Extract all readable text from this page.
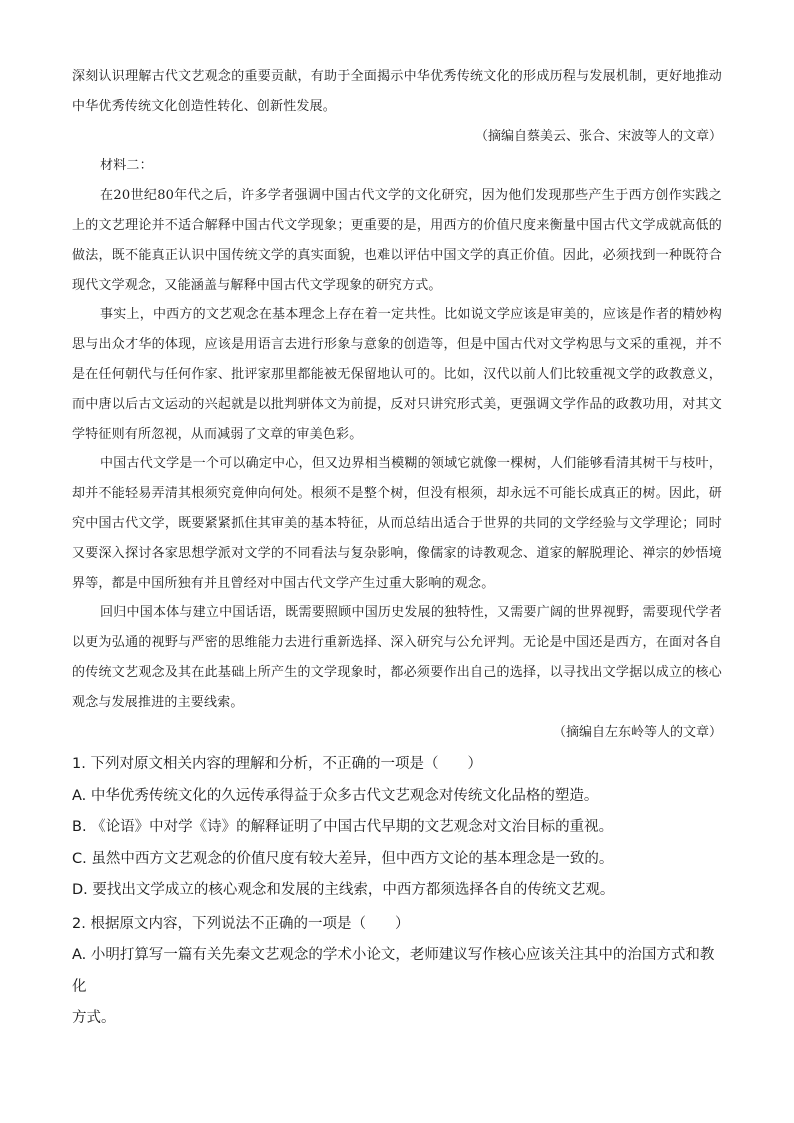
深刻认识理解古代文艺观念的重要贡献，有助于全面揭示中华优秀传统文化的形成历程与发展机制，更好地推动中华优秀传统文化创造性转化、创新性发展。

（摘编自蔡美云、张合、宋波等人的文章）

材料二：

在20世纪80年代之后，许多学者强调中国古代文学的文化研究，因为他们发现那些产生于西方创作实践之上的文艺理论并不适合解释中国古代文学现象；更重要的是，用西方的价值尺度来衡量中国古代文学成就高低的做法，既不能真正认识中国传统文学的真实面貌，也难以评估中国文学的真正价值。因此，必须找到一种既符合现代文学观念，又能涵盖与解释中国古代文学现象的研究方式。

事实上，中西方的文艺观念在基本理念上存在着一定共性。比如说文学应该是审美的，应该是作者的精妙构思与出众才华的体现，应该是用语言去进行形象与意象的创造等，但是中国古代对文学构思与文采的重视，并不是在任何朝代与任何作家、批评家那里都能被无保留地认可的。比如，汉代以前人们比较重视文学的政教意义，而中唐以后古文运动的兴起就是以批判骈体文为前提，反对只讲究形式美，更强调文学作品的政教功用，对其文学特征则有所忽视，从而减弱了文章的审美色彩。

中国古代文学是一个可以确定中心，但又边界相当模糊的领域它就像一棵树，人们能够看清其树干与枝叶，却并不能轻易弄清其根须究竟伸向何处。根须不是整个树，但没有根须，却永远不可能长成真正的树。因此，研究中国古代文学，既要紧紧抓住其审美的基本特征，从而总结出适合于世界的共同的文学经验与文学理论；同时又要深入探讨各家思想学派对文学的不同看法与复杂影响，像儒家的诗教观念、道家的解脱理论、禅宗的妙悟境界等，都是中国所独有并且曾经对中国古代文学产生过重大影响的观念。

回归中国本体与建立中国话语，既需要照顾中国历史发展的独特性，又需要广阔的世界视野，需要现代学者以更为弘通的视野与严密的思维能力去进行重新选择、深入研究与公允评判。无论是中国还是西方，在面对各自的传统文艺观念及其在此基础上所产生的文学现象时，都必须要作出自己的选择，以寻找出文学据以成立的核心观念与发展推进的主要线索。

（摘编自左东岭等人的文章）

1. 下列对原文相关内容的理解和分析，不正确的一项是（　　）

A. 中华优秀传统文化的久远传承得益于众多古代文艺观念对传统文化品格的塑造。

B. 《论语》中对学《诗》的解释证明了中国古代早期的文艺观念对文治目标的重视。

C. 虽然中西方文艺观念的价值尺度有较大差异，但中西方文论的基本理念是一致的。

D. 要找出文学成立的核心观念和发展的主线索，中西方都须选择各自的传统文艺观。

2. 根据原文内容，下列说法不正确的一项是（　　）

A. 小明打算写一篇有关先秦文艺观念的学术小论文，老师建议写作核心应该关注其中的治国方式和教化

方式。
